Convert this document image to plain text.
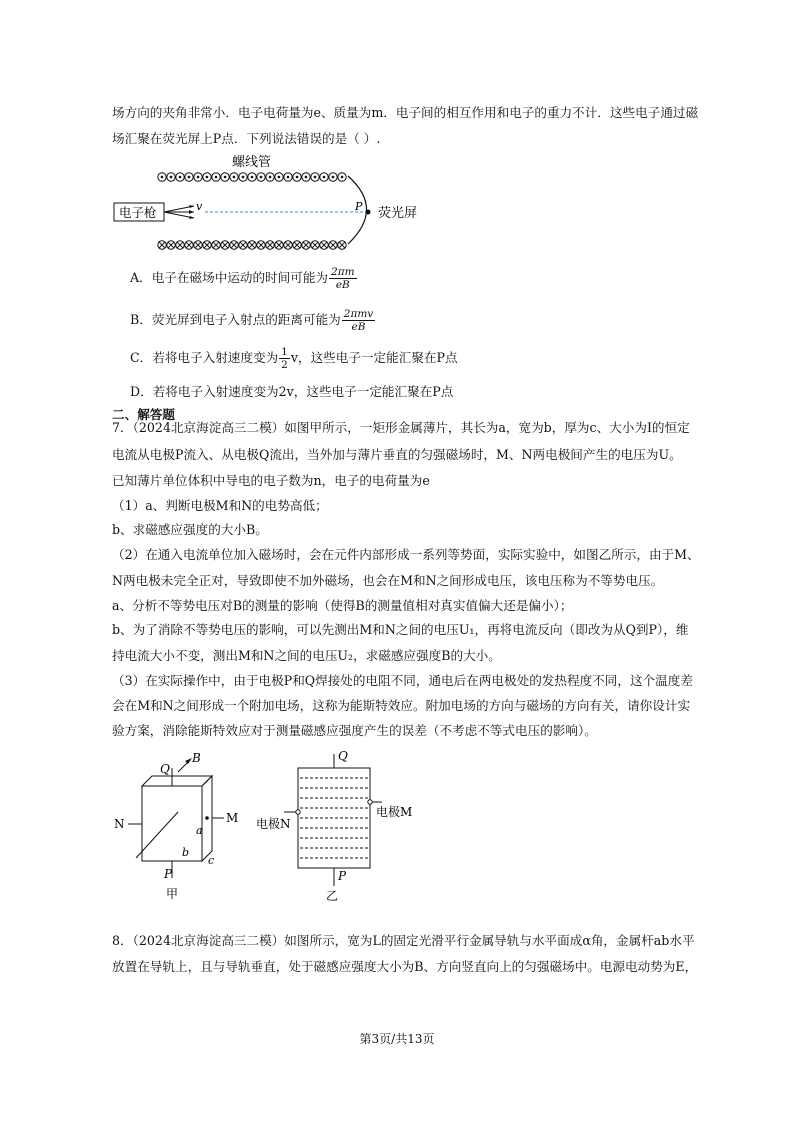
场方向的夹角非常小．电子电荷量为e、质量为m．电子间的相互作用和电子的重力不计．这些电子通过磁
场汇聚在荧光屏上P点．下列说法错误的是（ ）.
螺线管
电子枪	v	P 荧光屏
A．电子在磁场中运动的时间可能为 $\frac{2\pi m}{eB}$
B．荧光屏到电子入射点的距离可能为 $\frac{\text{2πmv}}{eB}$
C．若将电子入射速度变为 $\frac{1}{2}$ v，这些电子一定能汇聚在P点
D．若将电子入射速度变为2v，这些电子一定能汇聚在P点
二、解答题
7．（2024北京海淀高三二模）如图甲所示，一矩形金属薄片，其长为a，宽为b，厚为c、大小为I的恒定
电流从电极P流入、从电极Q流出，当外加与薄片垂直的匀强磁场时，M、N两电极间产生的电压为U。
已知薄片单位体积中导电的电子数为n，电子的电荷量为e
（1）a、判断电极M和N的电势高低；
b、求磁感应强度的大小B。
（2）在通入电流单位加入磁场时，会在元件内部形成一系列等势面，实际实验中，如图乙所示，由于M、
N两电极未完全正对，导致即使不加外磁场，也会在M和N之间形成电压，该电压称为不等势电压。
a、分析不等势电压对B的测量的影响（使得B的测量值相对真实值偏大还是偏小）；
b、为了消除不等势电压的影响，可以先测出M和N之间的电压U₁，再将电流反向（即改为从Q到P），维
持电流大小不变，测出M和N之间的电压U₂，求磁感应强度B的大小。
（3）在实际操作中，由于电极P和Q焊接处的电阻不同，通电后在两电极处的发热程度不同，这个温度差
会在M和N之间形成一个附加电场，这称为能斯特效应。附加电场的方向与磁场的方向有关，请你设计实
验方案，消除能斯特效应对于测量磁感应强度产生的误差（不考虑不等式电压的影响）。
Q
B
N	M
a
b
c
P
甲
Q
电极N
电极M
P
乙
8．（2024北京海淀高三二模）如图所示，宽为L的固定光滑平行金属导轨与水平面成α角，金属杆ab水平
放置在导轨上，且与导轨垂直，处于磁感应强度大小为B、方向竖直向上的匀强磁场中。电源电动势为E，
第3页/共13页
